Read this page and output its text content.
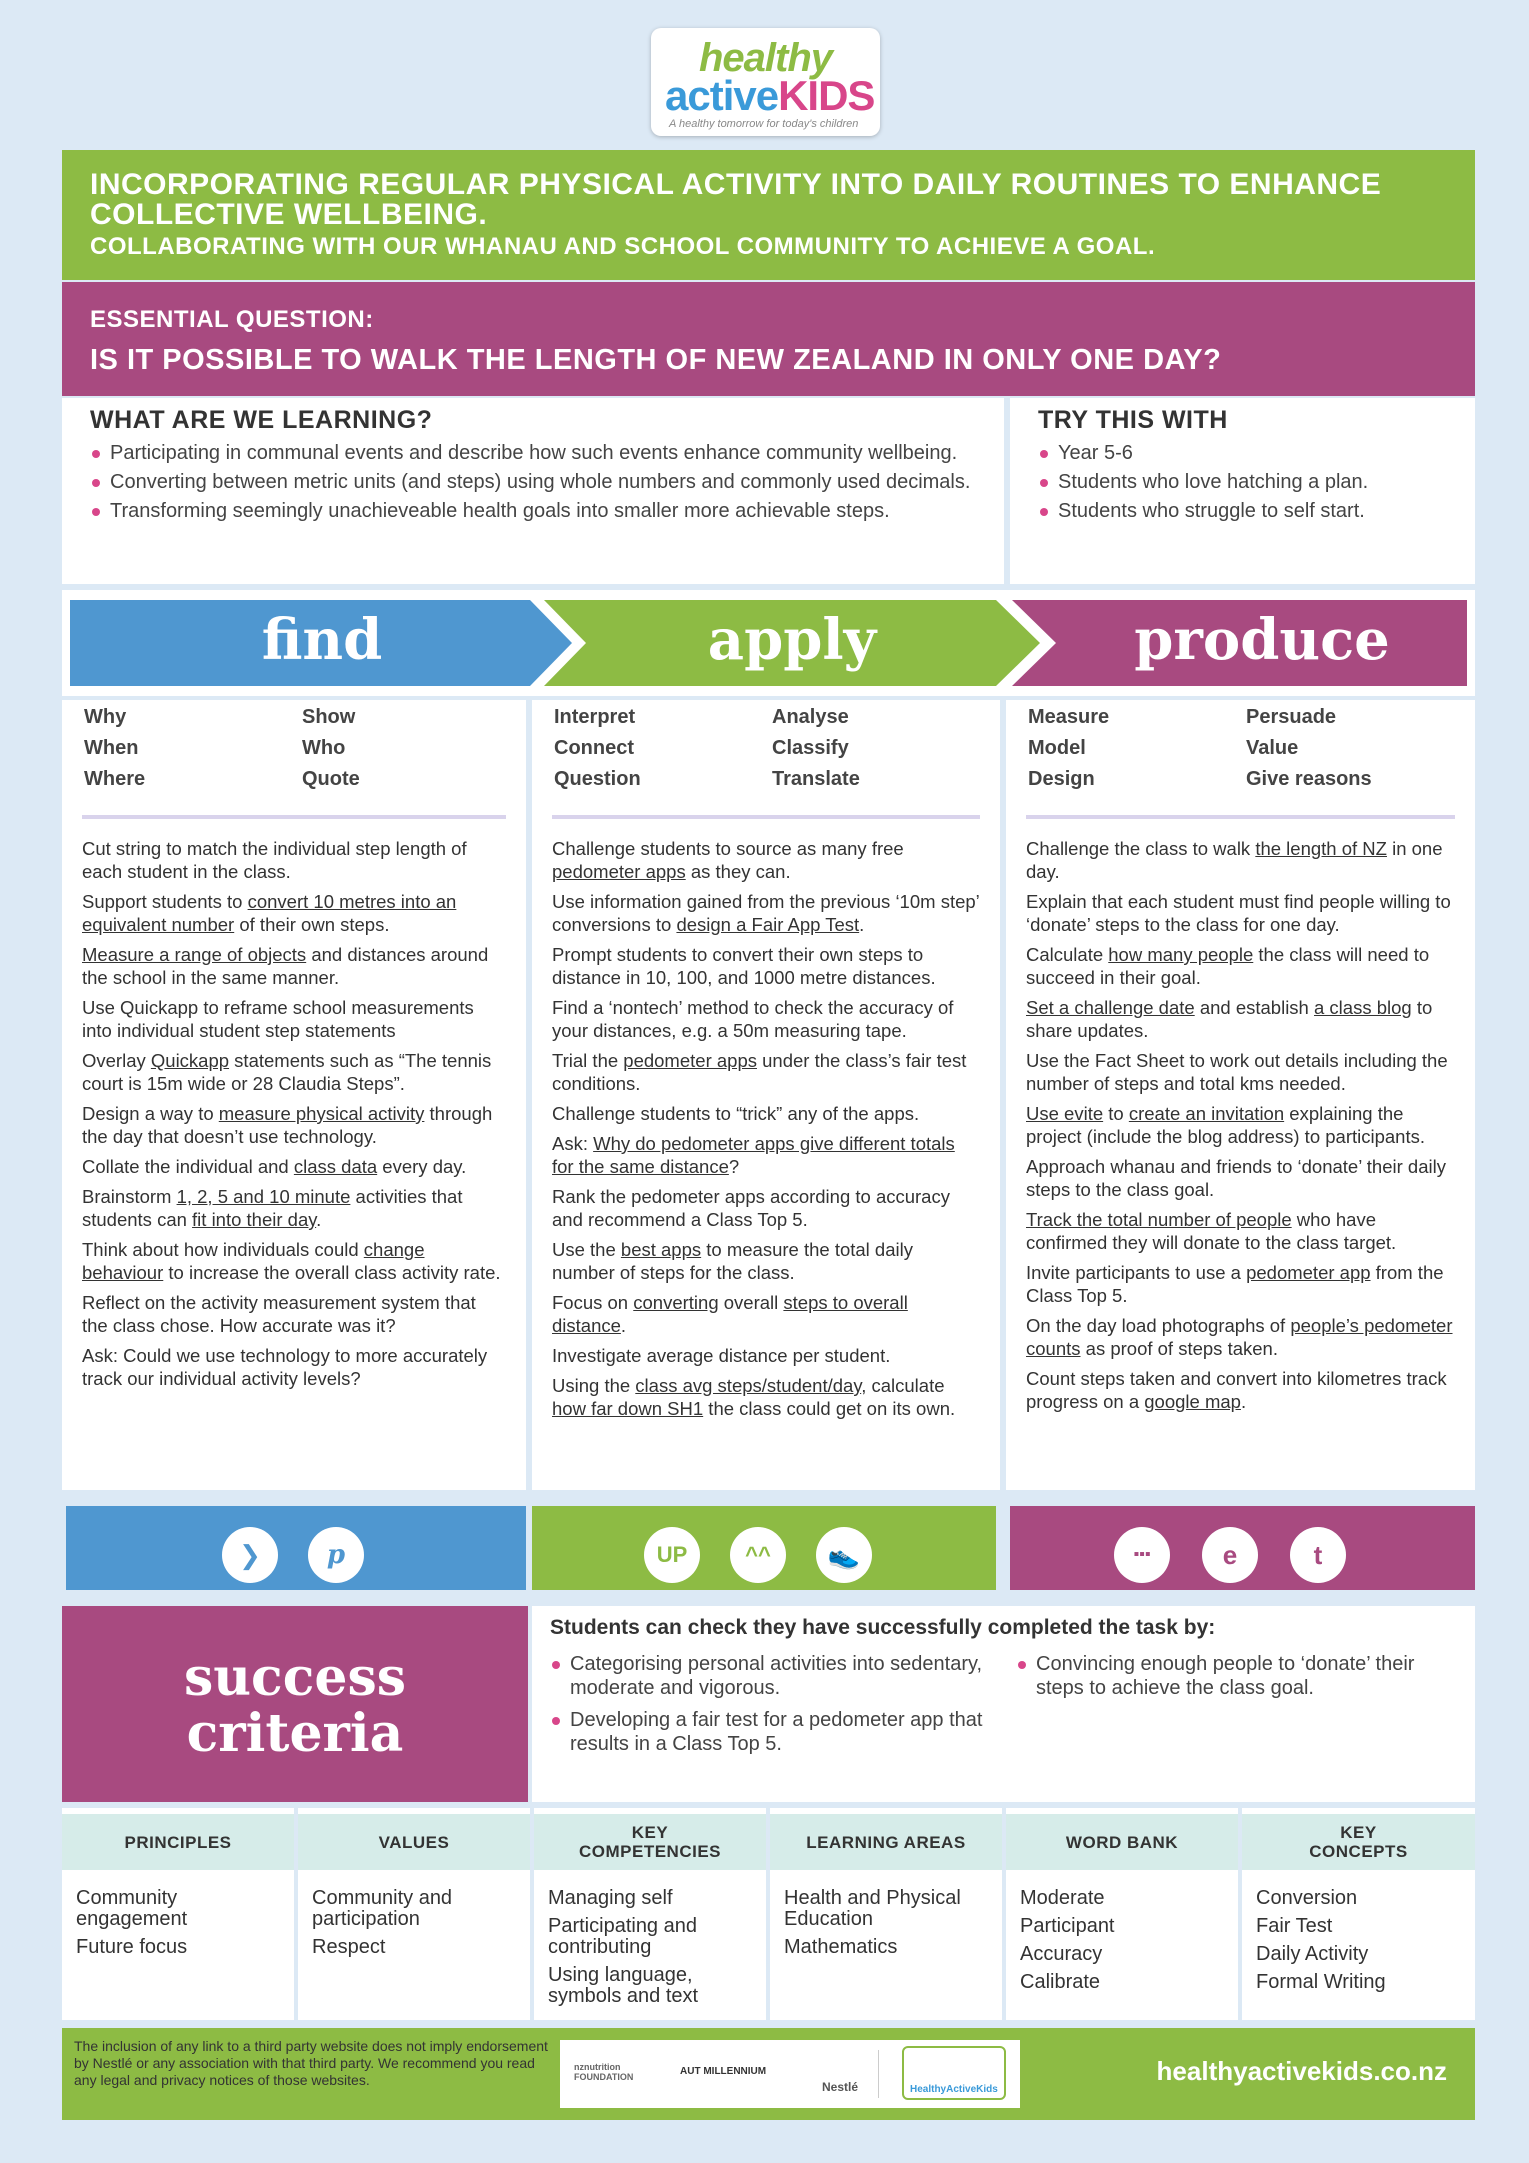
healthy
activeKIDS
A healthy tomorrow for today's children
INCORPORATING REGULAR PHYSICAL ACTIVITY INTO DAILY ROUTINES TO ENHANCE COLLECTIVE WELLBEING.
COLLABORATING WITH OUR WHANAU AND SCHOOL COMMUNITY TO ACHIEVE A GOAL.
ESSENTIAL QUESTION:
IS IT POSSIBLE TO WALK THE LENGTH OF NEW ZEALAND IN ONLY ONE DAY?
WHAT ARE WE LEARNING?
Participating in communal events and describe how such events enhance community wellbeing.
Converting between metric units (and steps) using whole numbers and commonly used decimals.
Transforming seemingly unachieveable health goals into smaller more achievable steps.
TRY THIS WITH
Year 5-6
Students who love hatching a plan.
Students who struggle to self start.
find	apply	produce
Why	Show
When	Who
Where	Quote

Cut string to match the individual step length of each student in the class.

Support students to convert 10 metres into an equivalent number of their own steps.

Measure a range of objects and distances around the school in the same manner.

Use Quickapp to reframe school measurements into individual student step statements

Overlay Quickapp statements such as “The tennis court is 15m wide or 28 Claudia Steps”.

Design a way to measure physical activity through the day that doesn’t use technology.

Collate the individual and class data every day.

Brainstorm 1, 2, 5 and 10 minute activities that students can fit into their day.

Think about how individuals could change behaviour to increase the overall class activity rate.

Reflect on the activity measurement system that the class chose. How accurate was it?

Ask: Could we use technology to more accurately track our individual activity levels?

Interpret	Analyse
Connect	Classify
Question	Translate

Challenge students to source as many free pedometer apps as they can.

Use information gained from the previous ‘10m step’ conversions to design a Fair App Test.

Prompt students to convert their own steps to distance in 10, 100, and 1000 metre distances.

Find a ‘nontech’ method to check the accuracy of your distances, e.g. a 50m measuring tape.

Trial the pedometer apps under the class’s fair test conditions.

Challenge students to “trick” any of the apps.

Ask: Why do pedometer apps give different totals for the same distance?

Rank the pedometer apps according to accuracy and recommend a Class Top 5.

Use the best apps to measure the total daily number of steps for the class.

Focus on converting overall steps to overall distance.

Investigate average distance per student.

Using the class avg steps/student/day, calculate how far down SH1 the class could get on its own.

Measure	Persuade
Model	Value
Design	Give reasons

Challenge the class to walk the length of NZ in one day.

Explain that each student must find people willing to ‘donate’ steps to the class for one day.

Calculate how many people the class will need to succeed in their goal.

Set a challenge date and establish a class blog to share updates.

Use the Fact Sheet to work out details including the number of steps and total kms needed.

Use evite to create an invitation explaining the project (include the blog address) to participants.

Approach whanau and friends to ‘donate’ their daily steps to the class goal.

Track the total number of people who have confirmed they will donate to the class target.

Invite participants to use a pedometer app from the Class Top 5.

On the day load photographs of people’s pedometer counts as proof of steps taken.

Count steps taken and convert into kilometres track progress on a google map.

❯	p	UP	^^	👟	▪▪▪	e	t
success
criteria
Students can check they have successfully completed the task by:
Categorising personal activities into sedentary, moderate and vigorous.
Developing a fair test for a pedometer app that results in a Class Top 5.
Convincing enough people to ‘donate’ their steps to achieve the class goal.
PRINCIPLES

Community engagement

Future focus

VALUES

Community and participation

Respect

KEY COMPETENCIES

Managing self

Participating and contributing

Using language, symbols and text

LEARNING AREAS

Health and Physical Education

Mathematics

WORD BANK

Moderate

Participant

Accuracy

Calibrate

KEY CONCEPTS

Conversion

Fair Test

Daily Activity

Formal Writing

The inclusion of any link to a third party website does not imply endorsement by Nestlé or any association with that third party. We recommend you read any legal and privacy notices of those websites.
nznutrition FOUNDATION	AUT MILLENNIUM
Nestlé	HealthyActiveKids
healthyactivekids.co.nz
